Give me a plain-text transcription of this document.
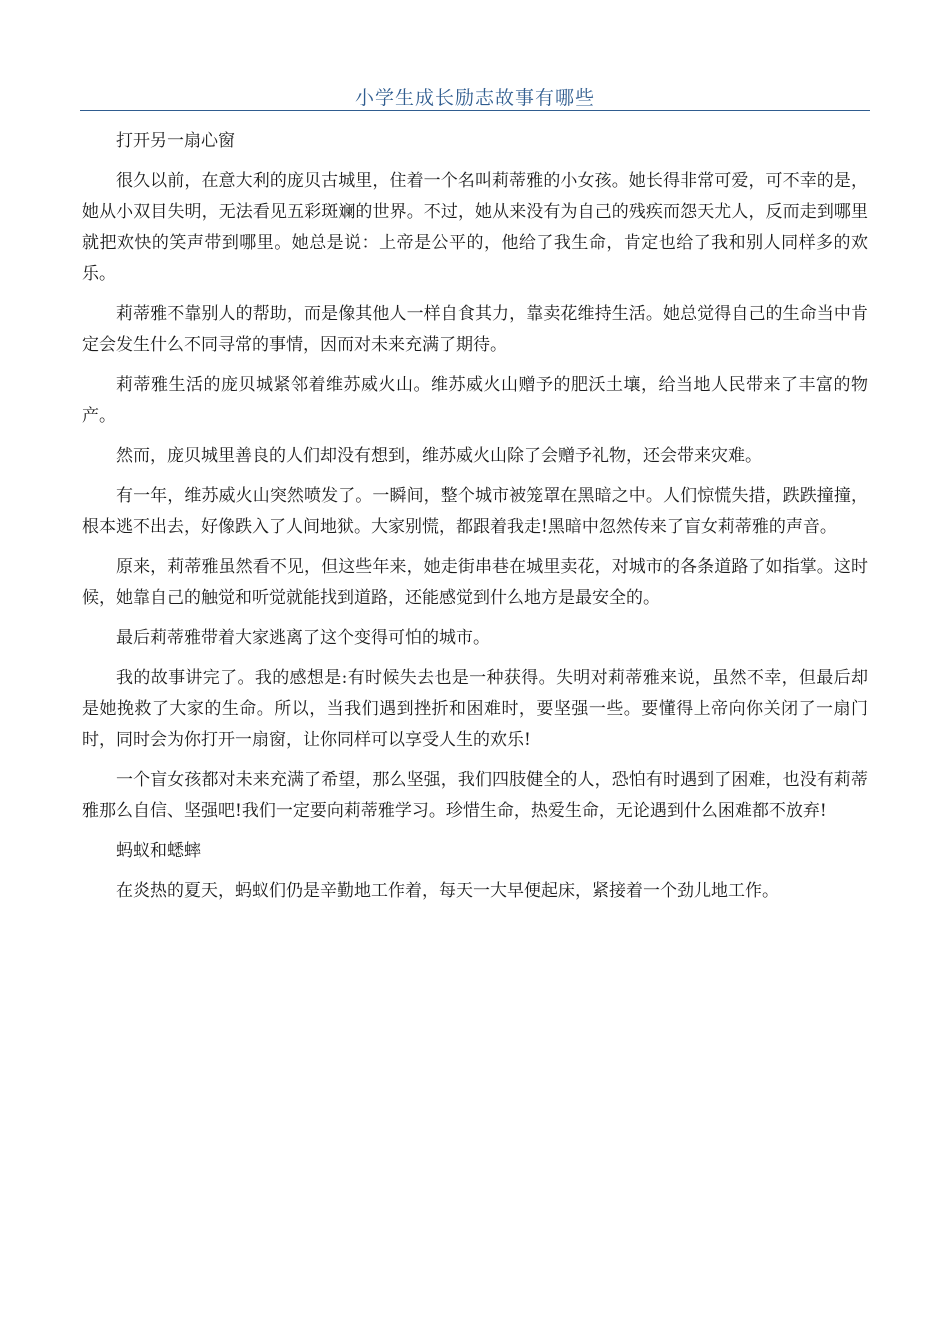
小学生成长励志故事有哪些

打开另一扇心窗

很久以前，在意大利的庞贝古城里，住着一个名叫莉蒂雅的小女孩。她长得非常可爱，可不幸的是，她从小双目失明，无法看见五彩斑斓的世界。不过，她从来没有为自己的残疾而怨天尤人，反而走到哪里就把欢快的笑声带到哪里。她总是说：上帝是公平的，他给了我生命，肯定也给了我和别人同样多的欢乐。

莉蒂雅不靠别人的帮助，而是像其他人一样自食其力，靠卖花维持生活。她总觉得自己的生命当中肯定会发生什么不同寻常的事情，因而对未来充满了期待。

莉蒂雅生活的庞贝城紧邻着维苏威火山。维苏威火山赠予的肥沃土壤，给当地人民带来了丰富的物产。

然而，庞贝城里善良的人们却没有想到，维苏威火山除了会赠予礼物，还会带来灾难。

有一年，维苏威火山突然喷发了。一瞬间，整个城市被笼罩在黑暗之中。人们惊慌失措，跌跌撞撞，根本逃不出去，好像跌入了人间地狱。大家别慌，都跟着我走!黑暗中忽然传来了盲女莉蒂雅的声音。

原来，莉蒂雅虽然看不见，但这些年来，她走街串巷在城里卖花，对城市的各条道路了如指掌。这时候，她靠自己的触觉和听觉就能找到道路，还能感觉到什么地方是最安全的。

最后莉蒂雅带着大家逃离了这个变得可怕的城市。

我的故事讲完了。我的感想是:有时候失去也是一种获得。失明对莉蒂雅来说，虽然不幸，但最后却是她挽救了大家的生命。所以，当我们遇到挫折和困难时，要坚强一些。要懂得上帝向你关闭了一扇门时，同时会为你打开一扇窗，让你同样可以享受人生的欢乐!

一个盲女孩都对未来充满了希望，那么坚强，我们四肢健全的人，恐怕有时遇到了困难，也没有莉蒂雅那么自信、坚强吧!我们一定要向莉蒂雅学习。珍惜生命，热爱生命，无论遇到什么困难都不放弃!

蚂蚁和蟋蟀

在炎热的夏天，蚂蚁们仍是辛勤地工作着，每天一大早便起床，紧接着一个劲儿地工作。
